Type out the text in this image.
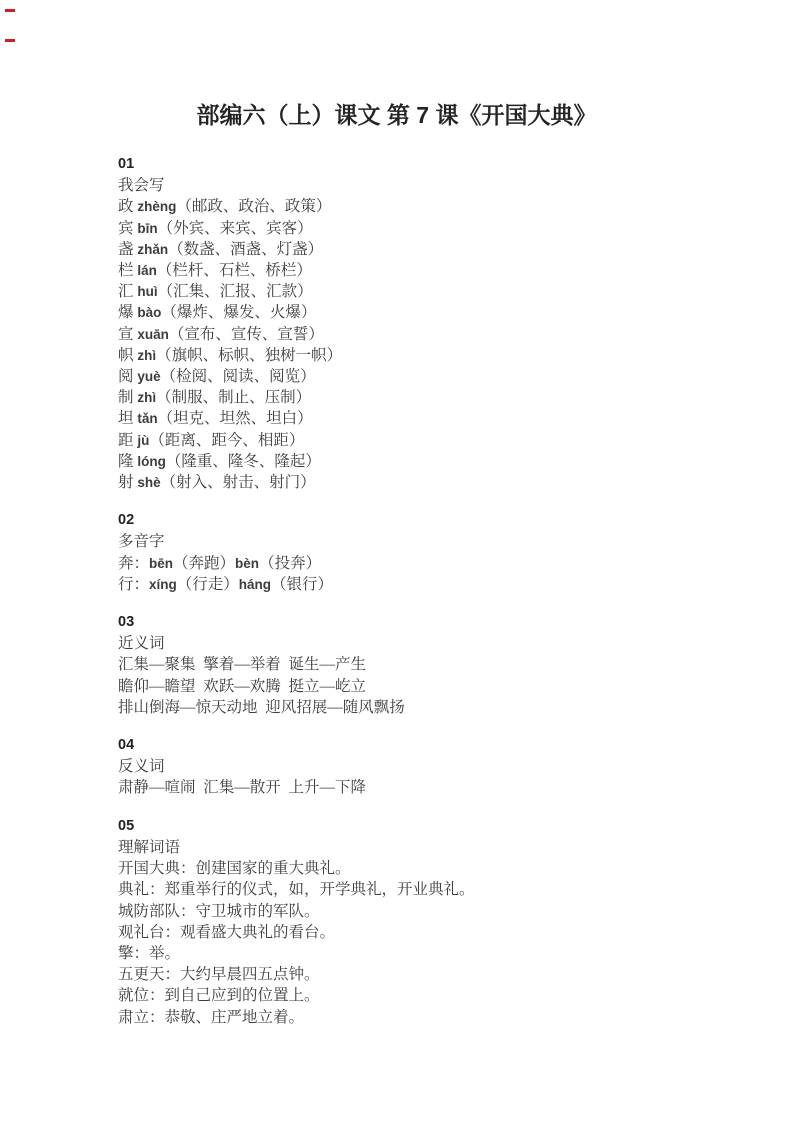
部编六（上）课文 第 7 课《开国大典》
01
我会写
政 zhèng（邮政、政治、政策）
宾 bīn（外宾、来宾、宾客）
盏 zhǎn（数盏、酒盏、灯盏）
栏 lán（栏杆、石栏、桥栏）
汇 huì（汇集、汇报、汇款）
爆 bào（爆炸、爆发、火爆）
宣 xuān（宣布、宣传、宣誓）
帜 zhì（旗帜、标帜、独树一帜）
阅 yuè（检阅、阅读、阅览）
制 zhì（制服、制止、压制）
坦 tǎn（坦克、坦然、坦白）
距 jù（距离、距今、相距）
隆 lóng（隆重、隆冬、隆起）
射 shè（射入、射击、射门）
02
多音字
奔：bēn（奔跑）bèn（投奔）
行：xíng（行走）háng（银行）
03
近义词
汇集—聚集  擎着—举着  诞生—产生
瞻仰—瞻望  欢跃—欢腾  挺立—屹立
排山倒海—惊天动地  迎风招展—随风飘扬
04
反义词
肃静—喧闹  汇集—散开  上升—下降
05
理解词语
开国大典：创建国家的重大典礼。
典礼：郑重举行的仪式，如，开学典礼，开业典礼。
城防部队：守卫城市的军队。
观礼台：观看盛大典礼的看台。
擎：举。
五更天：大约早晨四五点钟。
就位：到自己应到的位置上。
肃立：恭敬、庄严地立着。
